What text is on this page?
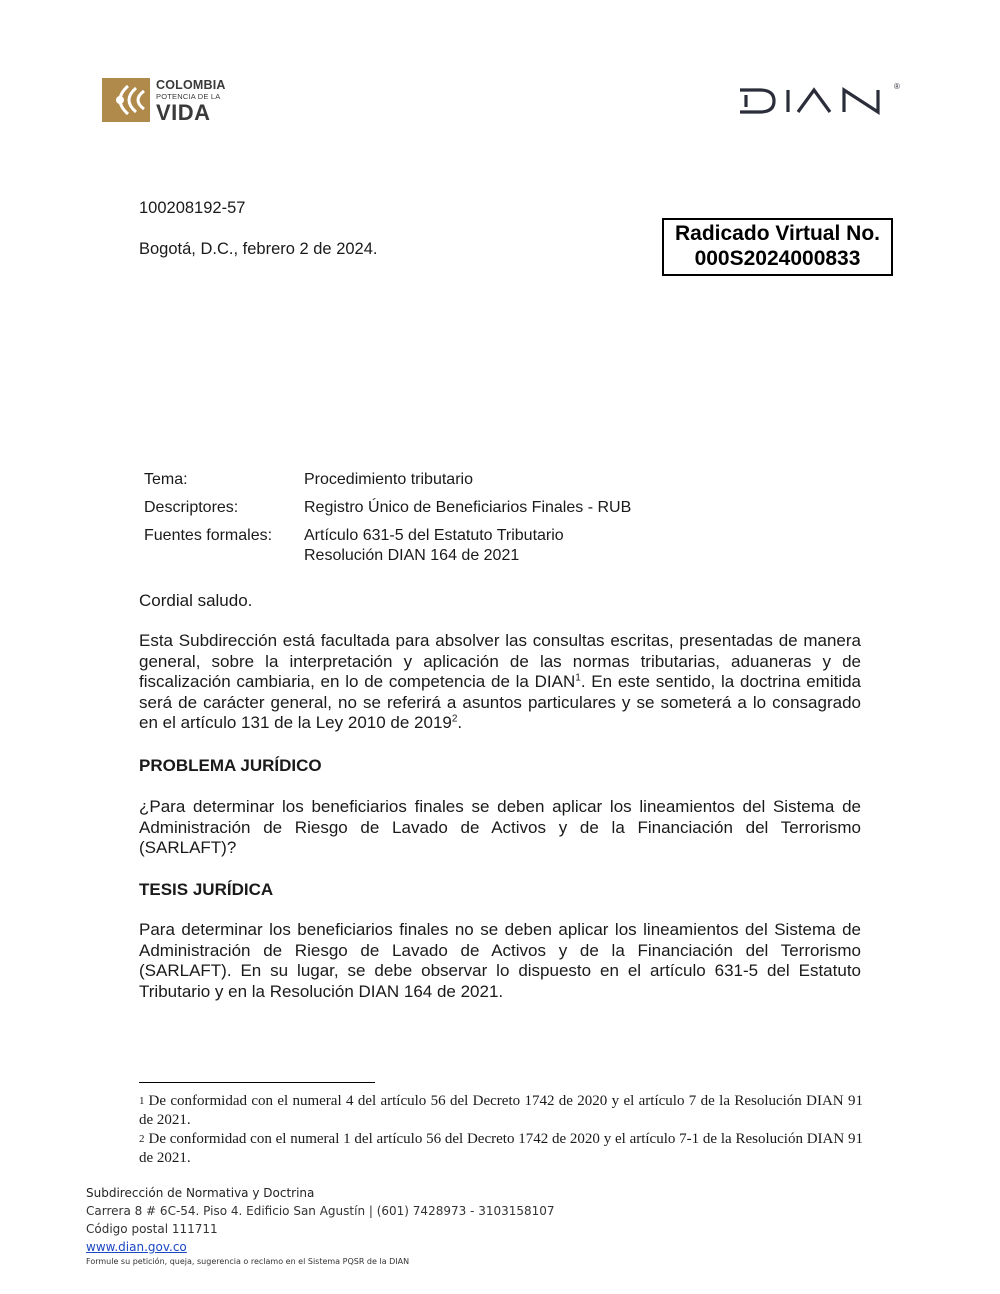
COLOMBIA
POTENCIA DE LA
VIDA
®
100208192-57
Bogotá, D.C., febrero 2 de 2024.
Radicado Virtual No.
000S2024000833
Tema:	Procedimiento tributario
Descriptores:	Registro Único de Beneficiarios Finales - RUB
Fuentes formales: Artículo 631-5 del Estatuto Tributario
Resolución DIAN 164 de 2021
Cordial saludo.
Esta Subdirección está facultada para absolver las consultas escritas, presentadas de manera general, sobre la interpretación y aplicación de las normas tributarias, aduaneras y de fiscalización cambiaria, en lo de competencia de la DIAN$^1$. En este sentido, la doctrina emitida será de carácter general, no se referirá a asuntos particulares y se someterá a lo consagrado en el artículo 131 de la Ley 2010 de 2019$^2$.
PROBLEMA JURÍDICO
¿Para determinar los beneficiarios finales se deben aplicar los lineamientos del Sistema de Administración de Riesgo de Lavado de Activos y de la Financiación del Terrorismo (SARLAFT)?
TESIS JURÍDICA
Para determinar los beneficiarios finales no se deben aplicar los lineamientos del Sistema de Administración de Riesgo de Lavado de Activos y de la Financiación del Terrorismo (SARLAFT). En su lugar, se debe observar lo dispuesto en el artículo 631-5 del Estatuto Tributario y en la Resolución DIAN 164 de 2021.
$^1$ De conformidad con el numeral 4 del artículo 56 del Decreto 1742 de 2020 y el artículo 7 de la Resolución DIAN 91 de 2021.
$^2$ De conformidad con el numeral 1 del artículo 56 del Decreto 1742 de 2020 y el artículo 7-1 de la Resolución DIAN 91 de 2021.
Subdirección de Normativa y Doctrina
Carrera 8 # 6C-54. Piso 4. Edificio San Agustín | (601) 7428973 - 3103158107
Código postal 111711
www.dian.gov.co
Formule su petición, queja, sugerencia o reclamo en el Sistema PQSR de la DIAN
